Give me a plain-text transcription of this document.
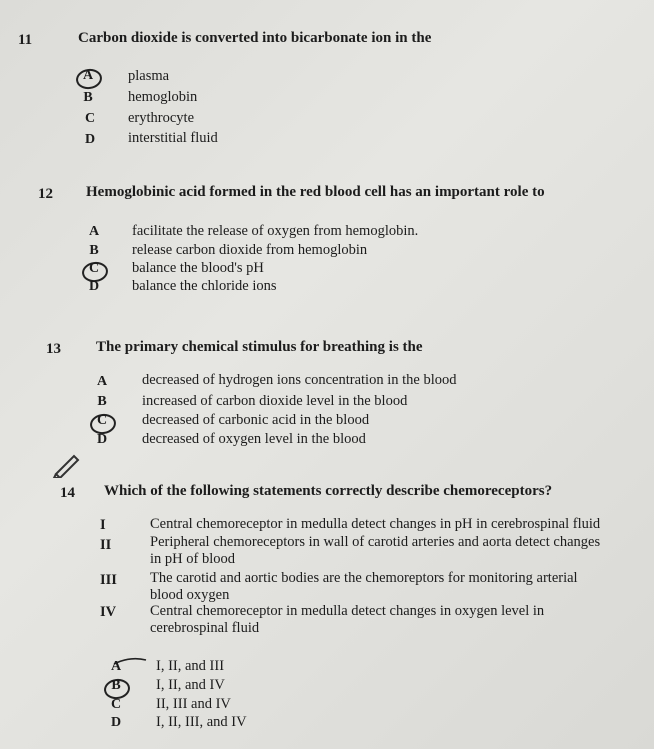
11	Carbon dioxide is converted into bicarbonate ion in the
A	plasma
B	hemoglobin
C	erythrocyte
D	interstitial fluid
12 Hemoglobinic acid formed in the red blood cell has an important role to
A	facilitate the release of oxygen from hemoglobin.
B	release carbon dioxide from hemoglobin
C	balance the blood's pH
D	balance the chloride ions
13 The primary chemical stimulus for breathing is the
A	decreased of hydrogen ions concentration in the blood
B	increased of carbon dioxide level in the blood
C	decreased of carbonic acid in the blood
D	decreased of oxygen level in the blood
14 Which of the following statements correctly describe chemoreceptors?
I	Central chemoreceptor in medulla detect changes in pH in cerebrospinal fluid
II	Peripheral chemoreceptors in wall of carotid arteries and aorta detect changes
in pH of blood
III The carotid and aortic bodies are the chemoreptors for monitoring arterial
blood oxygen
IV Central chemoreceptor in medulla detect changes in oxygen level in
cerebrospinal fluid
A	I, II, and III
B	I, II, and IV
C	II, III and IV
D	I, II, III, and IV
